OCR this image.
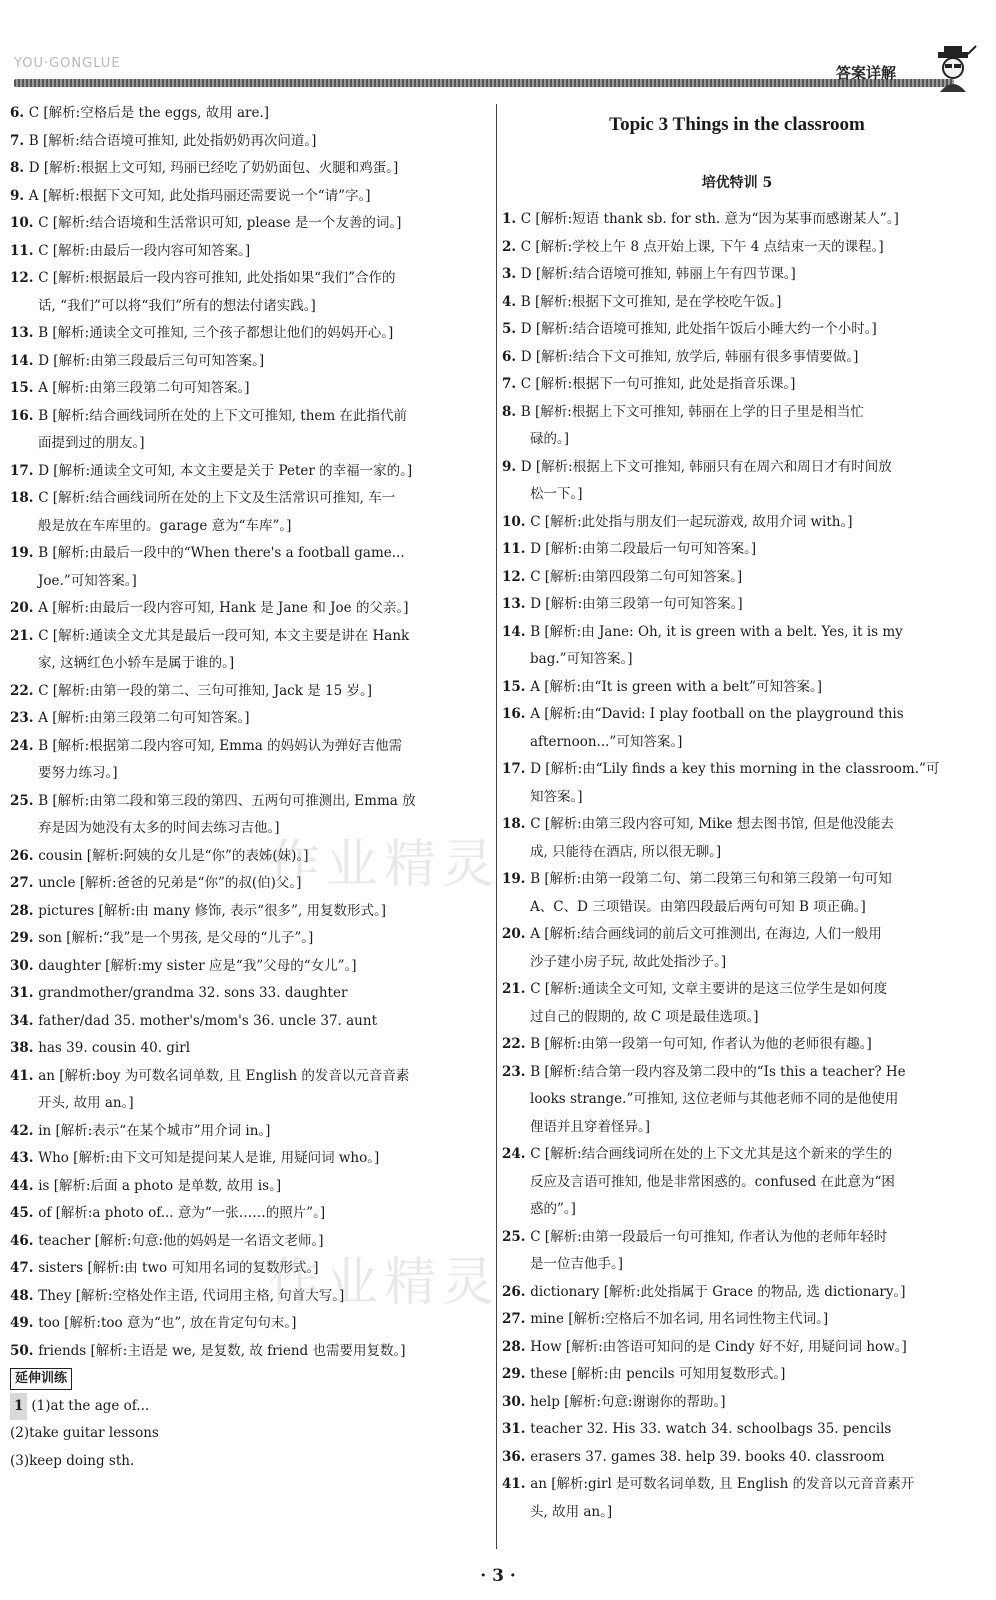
YOU·GONGLUE
答案详解
6. C [解析:空格后是 the eggs, 故用 are.]
7. B [解析:结合语境可推知, 此处指奶奶再次问道。]
8. D [解析:根据上文可知, 玛丽已经吃了奶奶面包、火腿和鸡蛋。]
9. A [解析:根据下文可知, 此处指玛丽还需要说一个“请”字。]
10. C [解析:结合语境和生活常识可知, please 是一个友善的词。]
11. C [解析:由最后一段内容可知答案。]
12. C [解析:根据最后一段内容可推知, 此处指如果“我们”合作的
话, “我们”可以将“我们”所有的想法付诸实践。]
13. B [解析:通读全文可推知, 三个孩子都想让他们的妈妈开心。]
14. D [解析:由第三段最后三句可知答案。]
15. A [解析:由第三段第二句可知答案。]
16. B [解析:结合画线词所在处的上下文可推知, them 在此指代前
面提到过的朋友。]
17. D [解析:通读全文可知, 本文主要是关于 Peter 的幸福一家的。]
18. C [解析:结合画线词所在处的上下文及生活常识可推知, 车一
般是放在车库里的。garage 意为“车库”。]
19. B [解析:由最后一段中的“When there's a football game...
Joe.”可知答案。]
20. A [解析:由最后一段内容可知, Hank 是 Jane 和 Joe 的父亲。]
21. C [解析:通读全文尤其是最后一段可知, 本文主要是讲在 Hank
家, 这辆红色小轿车是属于谁的。]
22. C [解析:由第一段的第二、三句可推知, Jack 是 15 岁。]
23. A [解析:由第三段第二句可知答案。]
24. B [解析:根据第二段内容可知, Emma 的妈妈认为弹好吉他需
要努力练习。]
25. B [解析:由第二段和第三段的第四、五两句可推测出, Emma 放
弃是因为她没有太多的时间去练习吉他。]
26. cousin [解析:阿姨的女儿是“你”的表姊(妹)。]
27. uncle [解析:爸爸的兄弟是“你”的叔(伯)父。]
28. pictures [解析:由 many 修饰, 表示“很多”, 用复数形式。]
29. son [解析:“我”是一个男孩, 是父母的“儿子”。]
30. daughter [解析:my sister 应是“我”父母的“女儿”。]
31. grandmother/grandma 32. sons 33. daughter
34. father/dad 35. mother's/mom's 36. uncle 37. aunt
38. has 39. cousin 40. girl
41. an [解析:boy 为可数名词单数, 且 English 的发音以元音音素
开头, 故用 an。]
42. in [解析:表示“在某个城市”用介词 in。]
43. Who [解析:由下文可知是提问某人是谁, 用疑问词 who。]
44. is [解析:后面 a photo 是单数, 故用 is。]
45. of [解析:a photo of... 意为“一张……的照片”。]
46. teacher [解析:句意:他的妈妈是一名语文老师。]
47. sisters [解析:由 two 可知用名词的复数形式。]
48. They [解析:空格处作主语, 代词用主格, 句首大写。]
49. too [解析:too 意为“也”, 放在肯定句句末。]
50. friends [解析:主语是 we, 是复数, 故 friend 也需要用复数。]
延伸训练
1 (1)at the age of...
(2)take guitar lessons
(3)keep doing sth.
Topic 3 Things in the classroom
培优特训 5
1. C [解析:短语 thank sb. for sth. 意为“因为某事而感谢某人”。]
2. C [解析:学校上午 8 点开始上课, 下午 4 点结束一天的课程。]
3. D [解析:结合语境可推知, 韩丽上午有四节课。]
4. B [解析:根据下文可推知, 是在学校吃午饭。]
5. D [解析:结合语境可推知, 此处指午饭后小睡大约一个小时。]
6. D [解析:结合下文可推知, 放学后, 韩丽有很多事情要做。]
7. C [解析:根据下一句可推知, 此处是指音乐课。]
8. B [解析:根据上下文可推知, 韩丽在上学的日子里是相当忙
碌的。]
9. D [解析:根据上下文可推知, 韩丽只有在周六和周日才有时间放
松一下。]
10. C [解析:此处指与朋友们一起玩游戏, 故用介词 with。]
11. D [解析:由第二段最后一句可知答案。]
12. C [解析:由第四段第二句可知答案。]
13. D [解析:由第三段第一句可知答案。]
14. B [解析:由 Jane: Oh, it is green with a belt. Yes, it is my
bag.”可知答案。]
15. A [解析:由“It is green with a belt”可知答案。]
16. A [解析:由“David: I play football on the playground this
afternoon...”可知答案。]
17. D [解析:由“Lily finds a key this morning in the classroom.”可
知答案。]
18. C [解析:由第三段内容可知, Mike 想去图书馆, 但是他没能去
成, 只能待在酒店, 所以很无聊。]
19. B [解析:由第一段第二句、第二段第三句和第三段第一句可知
A、C、D 三项错误。由第四段最后两句可知 B 项正确。]
20. A [解析:结合画线词的前后文可推测出, 在海边, 人们一般用
沙子建小房子玩, 故此处指沙子。]
21. C [解析:通读全文可知, 文章主要讲的是这三位学生是如何度
过自己的假期的, 故 C 项是最佳选项。]
22. B [解析:由第一段第一句可知, 作者认为他的老师很有趣。]
23. B [解析:结合第一段内容及第二段中的“Is this a teacher? He
looks strange.”可推知, 这位老师与其他老师不同的是他使用
俚语并且穿着怪异。]
24. C [解析:结合画线词所在处的上下文尤其是这个新来的学生的
反应及言语可推知, 他是非常困惑的。confused 在此意为“困
惑的”。]
25. C [解析:由第一段最后一句可推知, 作者认为他的老师年轻时
是一位吉他手。]
26. dictionary [解析:此处指属于 Grace 的物品, 选 dictionary。]
27. mine [解析:空格后不加名词, 用名词性物主代词。]
28. How [解析:由答语可知问的是 Cindy 好不好, 用疑问词 how。]
29. these [解析:由 pencils 可知用复数形式。]
30. help [解析:句意:谢谢你的帮助。]
31. teacher 32. His 33. watch 34. schoolbags 35. pencils
36. erasers 37. games 38. help 39. books 40. classroom
41. an [解析:girl 是可数名词单数, 且 English 的发音以元音音素开
头, 故用 an。]
作业精灵
作业精灵
· 3 ·
